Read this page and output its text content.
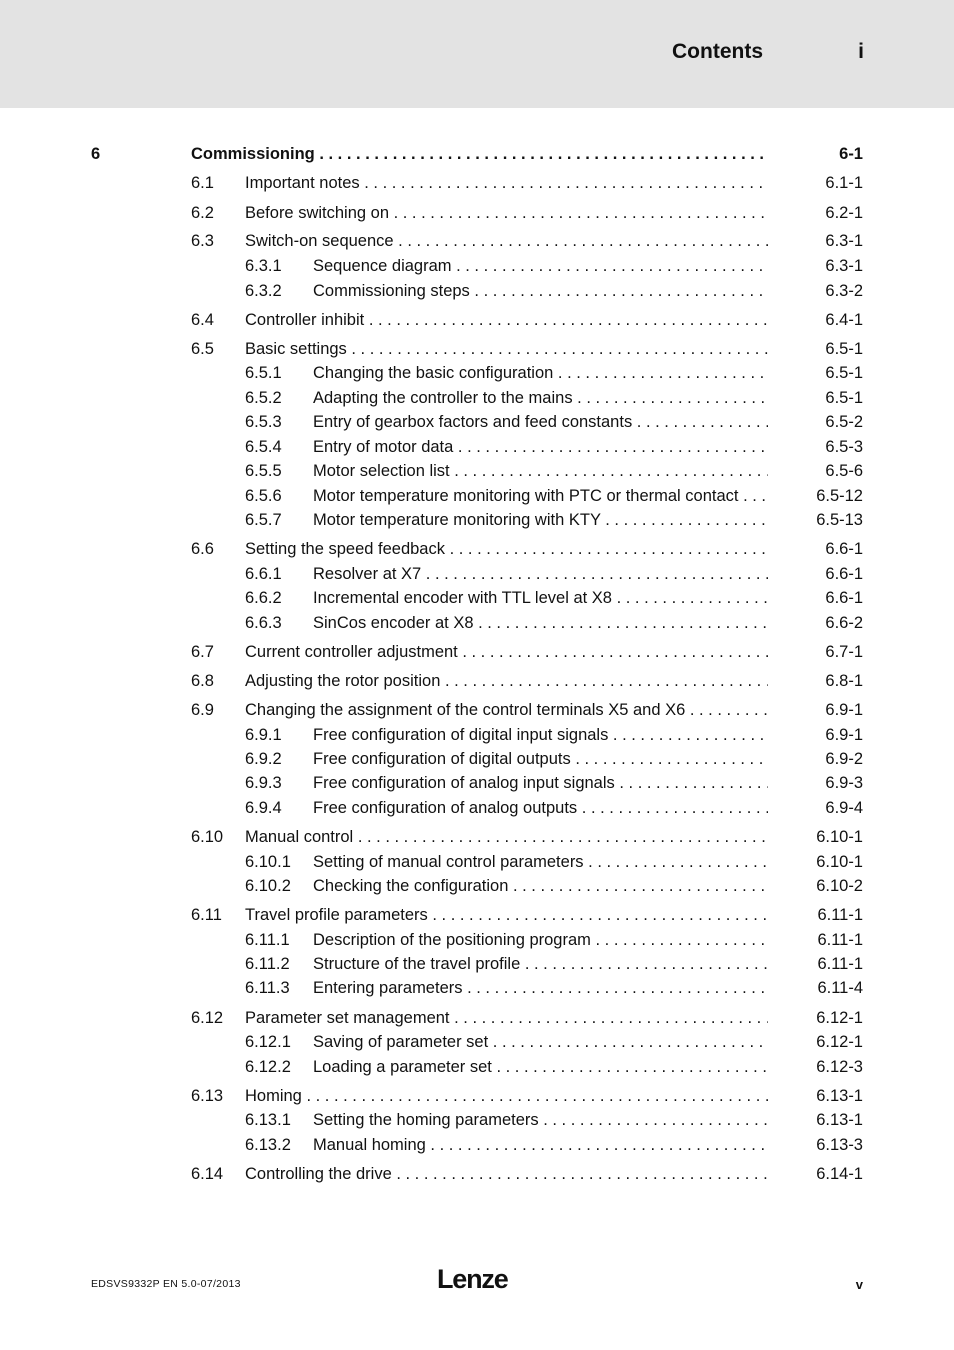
Contents	i
6	Commissioning . . .	6-1
6.1 Important notes . . .	6.1-1
6.2 Before switching on . . .	6.2-1
6.3 Switch-on sequence . . .	6.3-1
6.3.1 Sequence diagram . . .	6.3-1
6.3.2 Commissioning steps . . .	6.3-2
6.4 Controller inhibit . . .	6.4-1
6.5 Basic settings . . .	6.5-1
6.5.1 Changing the basic configuration . . .	6.5-1
6.5.2 Adapting the controller to the mains . . .	6.5-1
6.5.3 Entry of gearbox factors and feed constants . . .	6.5-2
6.5.4 Entry of motor data . . .	6.5-3
6.5.5 Motor selection list . . .	6.5-6
6.5.6 Motor temperature monitoring with PTC or thermal contact . . .	6.5-12
6.5.7 Motor temperature monitoring with KTY . . .	6.5-13
6.6 Setting the speed feedback . . .	6.6-1
6.6.1 Resolver at X7 . . .	6.6-1
6.6.2 Incremental encoder with TTL level at X8 . . .	6.6-1
6.6.3 SinCos encoder at X8 . . .	6.6-2
6.7 Current controller adjustment . . .	6.7-1
6.8 Adjusting the rotor position . . .	6.8-1
6.9 Changing the assignment of the control terminals X5 and X6 . . .	6.9-1
6.9.1 Free configuration of digital input signals . . .	6.9-1
6.9.2 Free configuration of digital outputs . . .	6.9-2
6.9.3 Free configuration of analog input signals . . .	6.9-3
6.9.4 Free configuration of analog outputs . . .	6.9-4
6.10 Manual control . . .	6.10-1
6.10.1 Setting of manual control parameters . . .	6.10-1
6.10.2 Checking the configuration . . .	6.10-2
6.11 Travel profile parameters . . .	6.11-1
6.11.1 Description of the positioning program . . .	6.11-1
6.11.2 Structure of the travel profile . . .	6.11-1
6.11.3 Entering parameters . . .	6.11-4
6.12 Parameter set management . . .	6.12-1
6.12.1 Saving of parameter set . . .	6.12-1
6.12.2 Loading a parameter set . . .	6.12-3
6.13 Homing . . .	6.13-1
6.13.1 Setting the homing parameters . . .	6.13-1
6.13.2 Manual homing . . .	6.13-3
6.14 Controlling the drive . . .	6.14-1
EDSVS9332P EN 5.0-07/2013	Lenze	v
